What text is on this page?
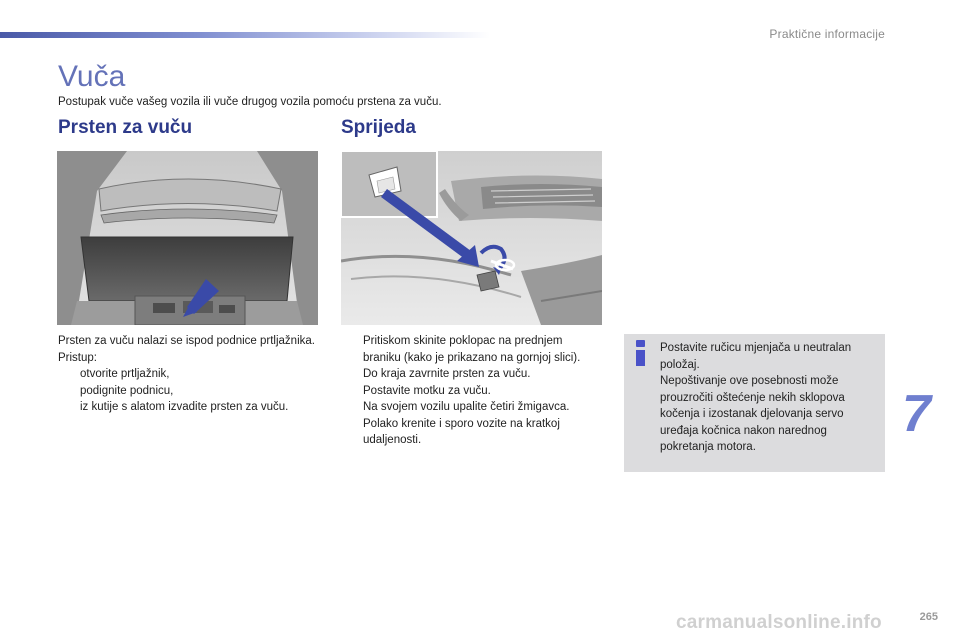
Praktične informacije
Vuča

Postupak vuče vašeg vozila ili vuče drugog vozila pomoću prstena za vuču.

Prsten za vuču	Sprijeda

Prsten za vuču nalazi se ispod podnice prtljažnika.

Pristup:

otvorite prtljažnik,
podignite podnicu,
iz kutije s alatom izvadite prsten za vuču.
Pritiskom skinite poklopac na prednjem braniku (kako je prikazano na gornjoj slici).
Do kraja zavrnite prsten za vuču.
Postavite motku za vuču.
Na svojem vozilu upalite četiri žmigavca.
Polako krenite i sporo vozite na kratkoj udaljenosti.

Postavite ručicu mjenjača u neutralan položaj.

Nepoštivanje ove posebnosti može prouzročiti oštećenje nekih sklopova kočenja i izostanak djelovanja servo uređaja kočnica nakon narednog pokretanja motora.

7
carmanualsonline.info	265
